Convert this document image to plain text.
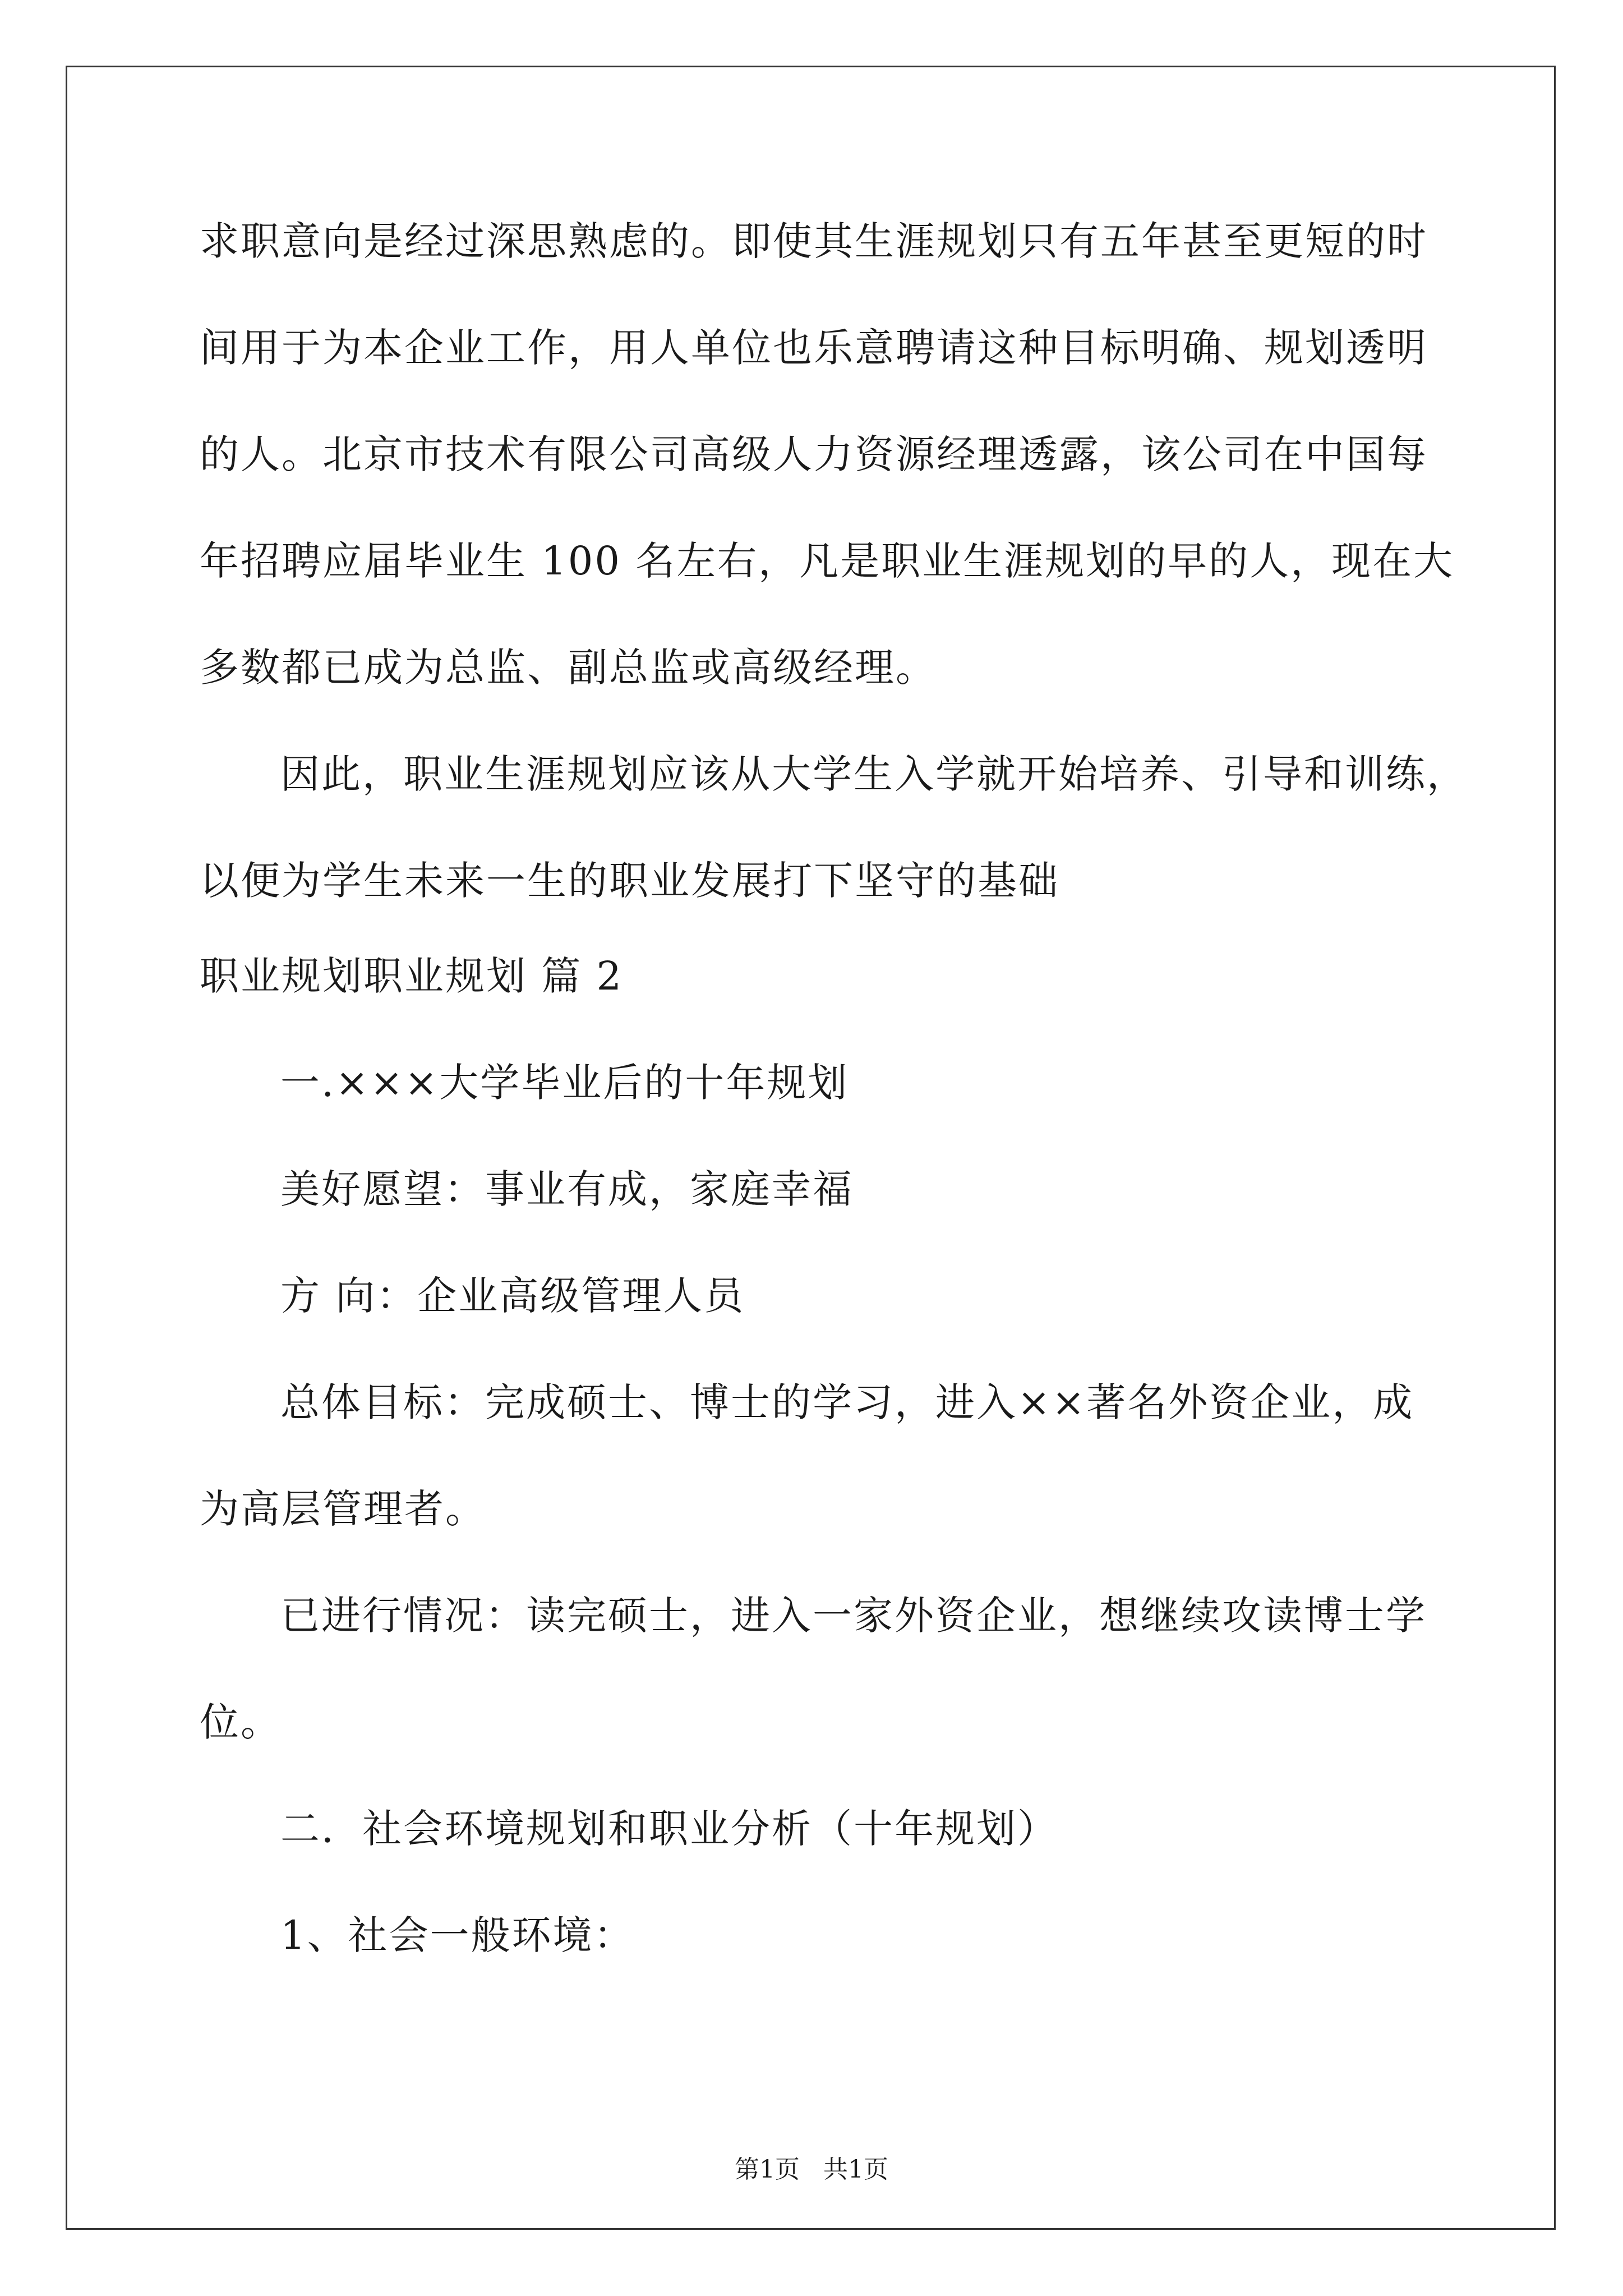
求职意向是经过深思熟虑的。即使其生涯规划只有五年甚至更短的时
间用于为本企业工作，用人单位也乐意聘请这种目标明确、规划透明
的人。北京市技术有限公司高级人力资源经理透露，该公司在中国每
年招聘应届毕业生 100 名左右，凡是职业生涯规划的早的人，现在大
多数都已成为总监、副总监或高级经理。
因此，职业生涯规划应该从大学生入学就开始培养、引导和训练，
以便为学生未来一生的职业发展打下坚守的基础
职业规划职业规划 篇 2
一.×××大学毕业后的十年规划
美好愿望：事业有成，家庭幸福
方 向：企业高级管理人员
总体目标：完成硕士、博士的学习，进入××著名外资企业，成
为高层管理者。
已进行情况：读完硕士，进入一家外资企业，想继续攻读博士学
位。
二．社会环境规划和职业分析（十年规划）
1、社会一般环境：
第1页   共1页
